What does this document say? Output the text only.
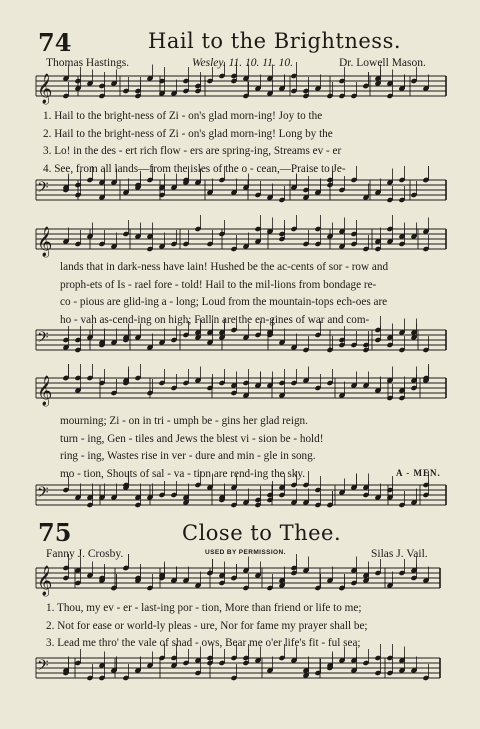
74	Hail to the Brightness.
Thomas Hastings.	Wesley. 11. 10. 11. 10.	Dr. Lowell Mason.
1. Hail to the bright-ness of Zi - on's glad morn-ing! Joy to the
2. Hail to the bright-ness of Zi - on's glad morn-ing! Long by the
3. Lo! in the des - ert rich flow - ers are spring-ing, Streams ev - er
4. See, from all lands—from the isles of the o - cean,—Praise to Je-
lands that in dark-ness have lain! Hushed be the ac-cents of sor - row and
proph-ets of Is - rael fore - told! Hail to the mil-lions from bondage re-
co - pious are glid-ing a - long; Loud from the mountain-tops ech-oes are
ho - vah as-cend-ing on high; Fall'n are the en-gines of war and com-
mourning; Zi - on in tri - umph be - gins her glad reign.
turn - ing, Gen - tiles and Jews the blest vi - sion be - hold!
ring - ing, Wastes rise in ver - dure and min - gle in song.
mo - tion, Shouts of sal - va - tion are rend-ing the sky.	A - MEN.
75	Close to Thee.
Fanny J. Crosby.	USED BY PERMISSION.	Silas J. Vail.
1. Thou, my ev - er - last-ing por - tion, More than friend or life to me;
2. Not for ease or world-ly pleas - ure, Nor for fame my prayer shall be;
3. Lead me thro' the vale of shad - ows, Bear me o'er life's fit - ful sea;
𝄞
𝄢
𝄞
𝄢
𝄞
𝄢
𝄞
𝄢
